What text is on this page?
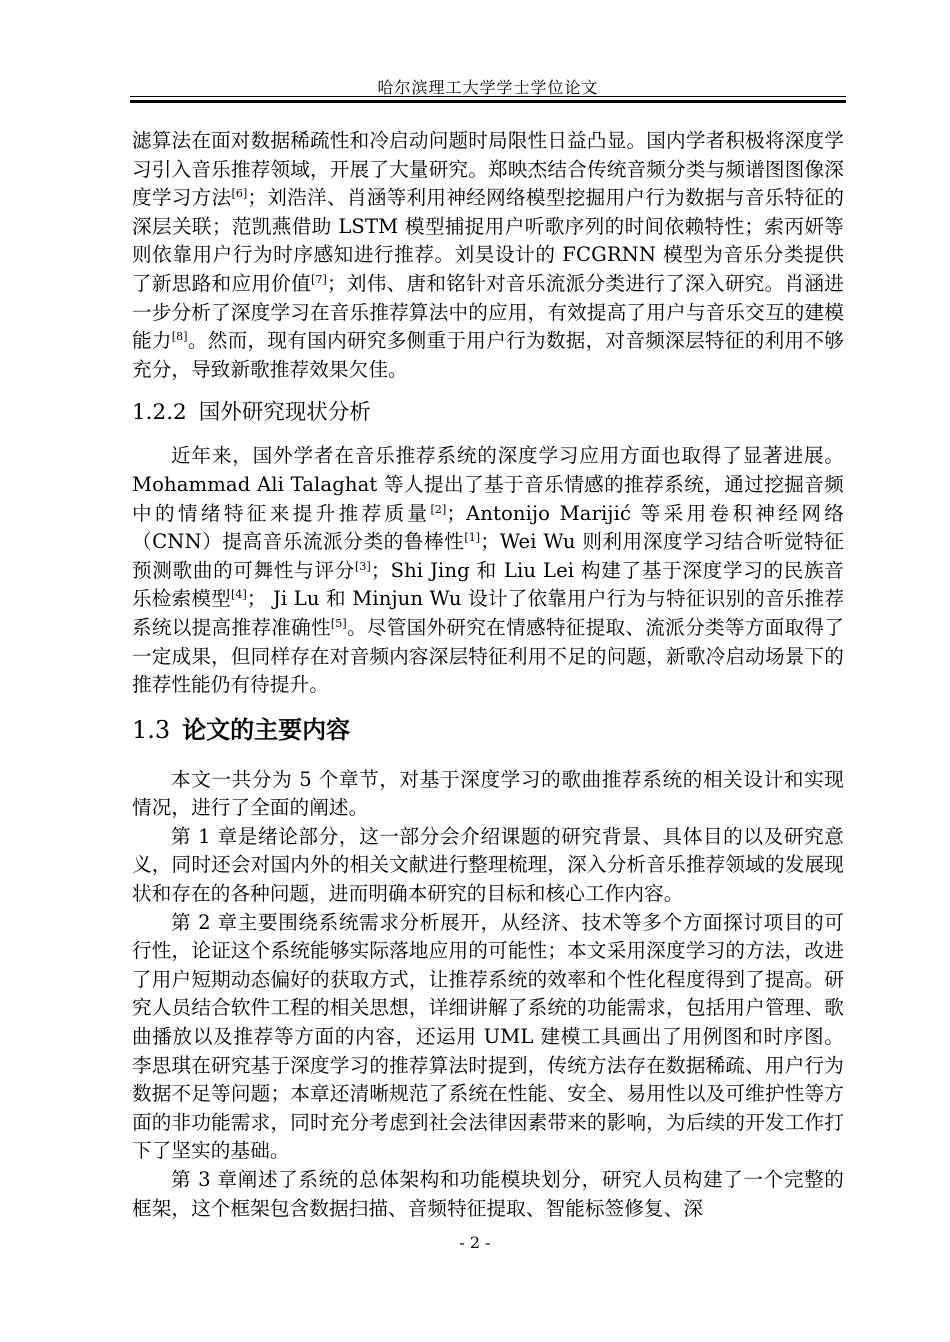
哈尔滨理工大学学士学位论文

滤算法在面对数据稀疏性和冷启动问题时局限性日益凸显。国内学者积极将深度学习引入音乐推荐领域，开展了大量研究。郑映杰结合传统音频分类与频谱图图像深度学习方法[6]；刘浩洋、肖涵等利用神经网络模型挖掘用户行为数据与音乐特征的深层关联；范凯燕借助 LSTM 模型捕捉用户听歌序列的时间依赖特性；索丙妍等则依靠用户行为时序感知进行推荐。刘昊设计的 FCGRNN 模型为音乐分类提供了新思路和应用价值[7]；刘伟、唐和铭针对音乐流派分类进行了深入研究。肖涵进一步分析了深度学习在音乐推荐算法中的应用，有效提高了用户与音乐交互的建模能力[8]。然而，现有国内研究多侧重于用户行为数据，对音频深层特征的利用不够充分，导致新歌推荐效果欠佳。

1.2.2 国外研究现状分析

近年来，国外学者在音乐推荐系统的深度学习应用方面也取得了显著进展。Mohammad Ali Talaghat 等人提出了基于音乐情感的推荐系统，通过挖掘音频中的情绪特征来提升推荐质量[2]；Antonijo Marijić 等采用卷积神经网络（CNN）提高音乐流派分类的鲁棒性[1]；Wei Wu 则利用深度学习结合听觉特征预测歌曲的可舞性与评分[3]；Shi Jing 和 Liu Lei 构建了基于深度学习的民族音乐检索模型[4]； Ji Lu 和 Minjun Wu 设计了依靠用户行为与特征识别的音乐推荐系统以提高推荐准确性[5]。尽管国外研究在情感特征提取、流派分类等方面取得了一定成果，但同样存在对音频内容深层特征利用不足的问题，新歌冷启动场景下的推荐性能仍有待提升。

1.3 论文的主要内容

本文一共分为 5 个章节，对基于深度学习的歌曲推荐系统的相关设计和实现情况，进行了全面的阐述。

第 1 章是绪论部分，这一部分会介绍课题的研究背景、具体目的以及研究意义，同时还会对国内外的相关文献进行整理梳理，深入分析音乐推荐领域的发展现状和存在的各种问题，进而明确本研究的目标和核心工作内容。

第 2 章主要围绕系统需求分析展开，从经济、技术等多个方面探讨项目的可行性，论证这个系统能够实际落地应用的可能性；本文采用深度学习的方法，改进了用户短期动态偏好的获取方式，让推荐系统的效率和个性化程度得到了提高。研究人员结合软件工程的相关思想，详细讲解了系统的功能需求，包括用户管理、歌曲播放以及推荐等方面的内容，还运用 UML 建模工具画出了用例图和时序图。李思琪在研究基于深度学习的推荐算法时提到，传统方法存在数据稀疏、用户行为数据不足等问题；本章还清晰规范了系统在性能、安全、易用性以及可维护性等方面的非功能需求，同时充分考虑到社会法律因素带来的影响，为后续的开发工作打下了坚实的基础。

第 3 章阐述了系统的总体架构和功能模块划分，研究人员构建了一个完整的框架，这个框架包含数据扫描、音频特征提取、智能标签修复、深

- 2 -
